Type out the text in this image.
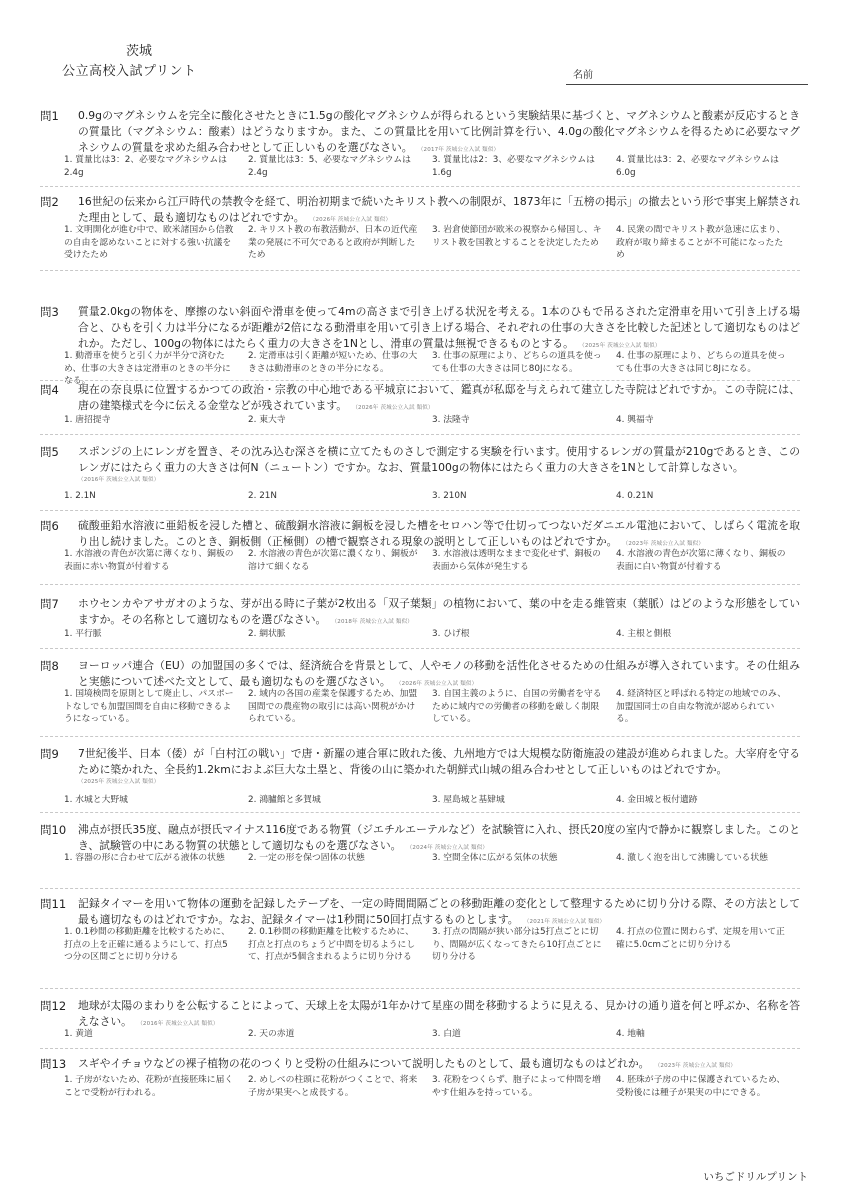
茨城
公立高校入試プリント	名前
問1 0.9gのマグネシウムを完全に酸化させたときに1.5gの酸化マグネシウムが得られるという実験結果に基づくと、マグネシウムと酸素が反応するときの質量比（マグネシウム：酸素）はどうなりますか。また、この質量比を用いて比例計算を行い、4.0gの酸化マグネシウムを得るために必要なマグネシウムの質量を求めた組み合わせとして正しいものを選びなさい。 （2017年 茨城公立入試 類似）
1. 質量比は3：2、必要なマグネシウムは2.4g
2. 質量比は3：5、必要なマグネシウムは2.4g
3. 質量比は2：3、必要なマグネシウムは1.6g
4. 質量比は3：2、必要なマグネシウムは6.0g
問2 16世紀の伝来から江戸時代の禁教令を経て、明治初期まで続いたキリスト教への制限が、1873年に「五榜の掲示」の撤去という形で事実上解禁された理由として、最も適切なものはどれですか。 （2026年 茨城公立入試 類似）
1. 文明開化が進む中で、欧米諸国から信教の自由を認めないことに対する強い抗議を受けたため
2. キリスト教の布教活動が、日本の近代産業の発展に不可欠であると政府が判断したため
3. 岩倉使節団が欧米の視察から帰国し、キリスト教を国教とすることを決定したため
4. 民衆の間でキリスト教が急速に広まり、政府が取り締まることが不可能になったため
問3 質量2.0kgの物体を、摩擦のない斜面や滑車を使って4mの高さまで引き上げる状況を考える。1本のひもで吊るされた定滑車を用いて引き上げる場合と、ひもを引く力は半分になるが距離が2倍になる動滑車を用いて引き上げる場合、それぞれの仕事の大きさを比較した記述として適切なものはどれか。ただし、100gの物体にはたらく重力の大きさを1Nとし、滑車の質量は無視できるものとする。 （2025年 茨城公立入試 類似）
1. 動滑車を使うと引く力が半分で済むため、仕事の大きさは定滑車のときの半分になる。
2. 定滑車は引く距離が短いため、仕事の大きさは動滑車のときの半分になる。
3. 仕事の原理により、どちらの道具を使っても仕事の大きさは同じ80Jになる。
4. 仕事の原理により、どちらの道具を使っても仕事の大きさは同じ8Jになる。
問4 現在の奈良県に位置するかつての政治・宗教の中心地である平城京において、鑑真が私邸を与えられて建立した寺院はどれですか。この寺院には、唐の建築様式を今に伝える金堂などが残されています。 （2026年 茨城公立入試 類似）
1. 唐招提寺	2. 東大寺	3. 法隆寺	4. 興福寺
問5 スポンジの上にレンガを置き、その沈み込む深さを横に立てたものさしで測定する実験を行います。使用するレンガの質量が210gであるとき、このレンガにはたらく重力の大きさは何N（ニュートン）ですか。なお、質量100gの物体にはたらく重力の大きさを1Nとして計算しなさい。
（2016年 茨城公立入試 類似）
1. 2.1N	2. 21N	3. 210N	4. 0.21N
問6 硫酸亜鉛水溶液に亜鉛板を浸した槽と、硫酸銅水溶液に銅板を浸した槽をセロハン等で仕切ってつないだダニエル電池において、しばらく電流を取り出し続けました。このとき、銅板側（正極側）の槽で観察される現象の説明として正しいものはどれですか。 （2023年 茨城公立入試 類似）
1. 水溶液の青色が次第に薄くなり、銅板の表面に赤い物質が付着する
2. 水溶液の青色が次第に濃くなり、銅板が溶けて細くなる
3. 水溶液は透明なままで変化せず、銅板の表面から気体が発生する
4. 水溶液の青色が次第に薄くなり、銅板の表面に白い物質が付着する
問7 ホウセンカやアサガオのような、芽が出る時に子葉が2枚出る「双子葉類」の植物において、葉の中を走る維管束（葉脈）はどのような形態をしていますか。その名称として適切なものを選びなさい。 （2018年 茨城公立入試 類似）
1. 平行脈	2. 網状脈	3. ひげ根	4. 主根と側根
問8 ヨーロッパ連合（EU）の加盟国の多くでは、経済統合を背景として、人やモノの移動を活性化させるための仕組みが導入されています。その仕組みと実態について述べた文として、最も適切なものを選びなさい。 （2026年 茨城公立入試 類似）
1. 国境検問を原則として廃止し、パスポートなしでも加盟国間を自由に移動できるようになっている。
2. 域内の各国の産業を保護するため、加盟国間での農産物の取引には高い関税がかけられている。
3. 自国主義のように、自国の労働者を守るために域内での労働者の移動を厳しく制限している。
4. 経済特区と呼ばれる特定の地域でのみ、加盟国同士の自由な物流が認められている。
問9 7世紀後半、日本（倭）が「白村江の戦い」で唐・新羅の連合軍に敗れた後、九州地方では大規模な防衛施設の建設が進められました。大宰府を守るために築かれた、全長約1.2kmにおよぶ巨大な土塁と、背後の山に築かれた朝鮮式山城の組み合わせとして正しいものはどれですか。
（2025年 茨城公立入試 類似）
1. 水城と大野城	2. 鴻臚館と多賀城	3. 屋島城と基肄城	4. 金田城と板付遺跡
問10 沸点が摂氏35度、融点が摂氏マイナス116度である物質（ジエチルエーテルなど）を試験管に入れ、摂氏20度の室内で静かに観察しました。このとき、試験管の中にある物質の状態として適切なものを選びなさい。 （2024年 茨城公立入試 類似）
1. 容器の形に合わせて広がる液体の状態	2. 一定の形を保つ固体の状態	3. 空間全体に広がる気体の状態	4. 激しく泡を出して沸騰している状態
問11 記録タイマーを用いて物体の運動を記録したテープを、一定の時間間隔ごとの移動距離の変化として整理するために切り分ける際、その方法として最も適切なものはどれですか。なお、記録タイマーは1秒間に50回打点するものとします。 （2021年 茨城公立入試 類似）
1. 0.1秒間の移動距離を比較するために、打点の上を正確に通るようにして、打点5つ分の区間ごとに切り分ける
2. 0.1秒間の移動距離を比較するために、打点と打点のちょうど中間を切るようにして、打点が5個含まれるように切り分ける
3. 打点の間隔が狭い部分は5打点ごとに切り、間隔が広くなってきたら10打点ごとに切り分ける
4. 打点の位置に関わらず、定規を用いて正確に5.0cmごとに切り分ける
問12 地球が太陽のまわりを公転することによって、天球上を太陽が1年かけて星座の間を移動するように見える、見かけの通り道を何と呼ぶか、名称を答えなさい。 （2016年 茨城公立入試 類似）
1. 黄道	2. 天の赤道	3. 白道	4. 地軸
問13 スギやイチョウなどの裸子植物の花のつくりと受粉の仕組みについて説明したものとして、最も適切なものはどれか。 （2023年 茨城公立入試 類似）
1. 子房がないため、花粉が直接胚珠に届くことで受粉が行われる。
2. めしべの柱頭に花粉がつくことで、将来子房が果実へと成長する。
3. 花粉をつくらず、胞子によって仲間を増やす仕組みを持っている。
4. 胚珠が子房の中に保護されているため、受粉後には種子が果実の中にできる。
いちごドリルプリント
